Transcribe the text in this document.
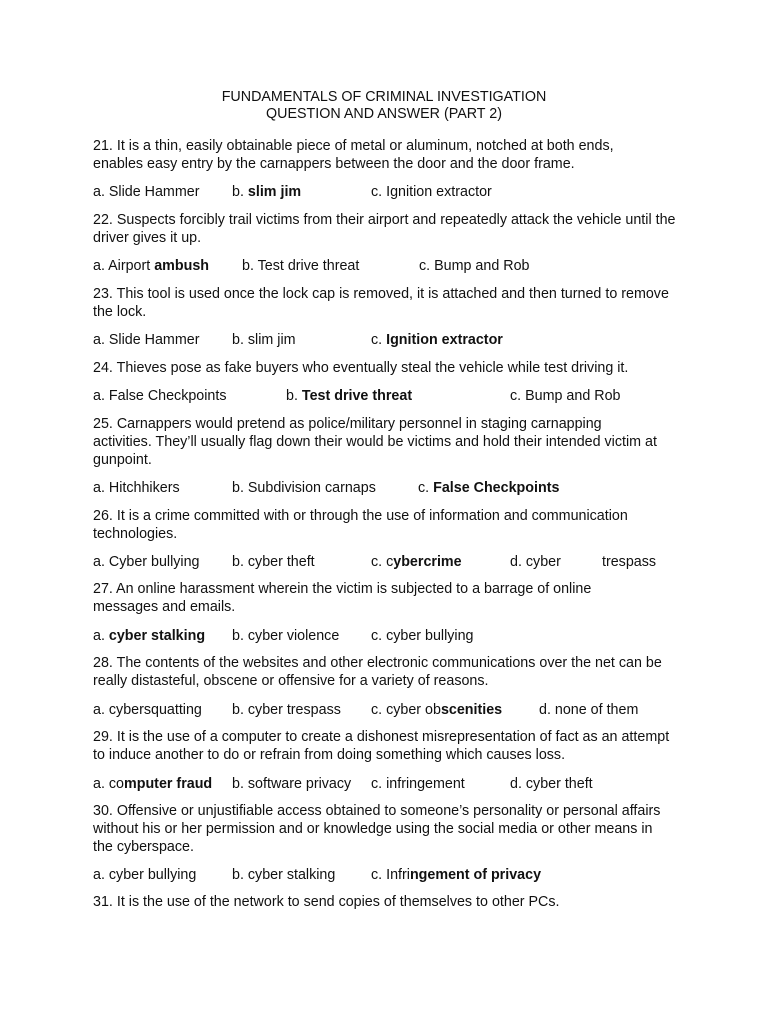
FUNDAMENTALS OF CRIMINAL INVESTIGATION
QUESTION AND ANSWER (PART 2)
21. It is a thin, easily obtainable piece of metal or aluminum, notched at both ends, enables easy entry by the carnappers between the door and the door frame.
a. Slide Hammer b. slim jim	c. Ignition extractor
22. Suspects forcibly trail victims from their airport and repeatedly attack the vehicle until the driver gives it up.
a. Airport ambush b. Test drive threat	c. Bump and Rob
23. This tool is used once the lock cap is removed, it is attached and then turned to remove the lock.
a. Slide Hammer b. slim jim	c. Ignition extractor
24. Thieves pose as fake buyers who eventually steal the vehicle while test driving it.
a. False Checkpoints	b. Test drive threat	c. Bump and Rob
25. Carnappers would pretend as police/military personnel in staging carnapping activities. They’ll usually flag down their would be victims and hold their intended victim at gunpoint.
a. Hitchhikers	b. Subdivision carnaps	c. False Checkpoints
26. It is a crime committed with or through the use of information and communication technologies.
a. Cyber bullying b. cyber theft	c. cybercrime	d. cyber	trespass
27. An online harassment wherein the victim is subjected to a barrage of online messages and emails.
a. cyber stalking b. cyber violence c. cyber bullying
28. The contents of the websites and other electronic communications over the net can be really distasteful, obscene or offensive for a variety of reasons.
a. cybersquatting b. cyber trespass c. cyber obscenities	d. none of them
29. It is the use of a computer to create a dishonest misrepresentation of fact as an attempt to induce another to do or refrain from doing something which causes loss.
a. computer fraud b. software privacy c. infringement	d. cyber theft
30. Offensive or unjustifiable access obtained to someone’s personality or personal affairs without his or her permission and or knowledge using the social media or other means in the cyberspace.
a. cyber bullying b. cyber stalking c. Infringement of privacy
31. It is the use of the network to send copies of themselves to other PCs.
